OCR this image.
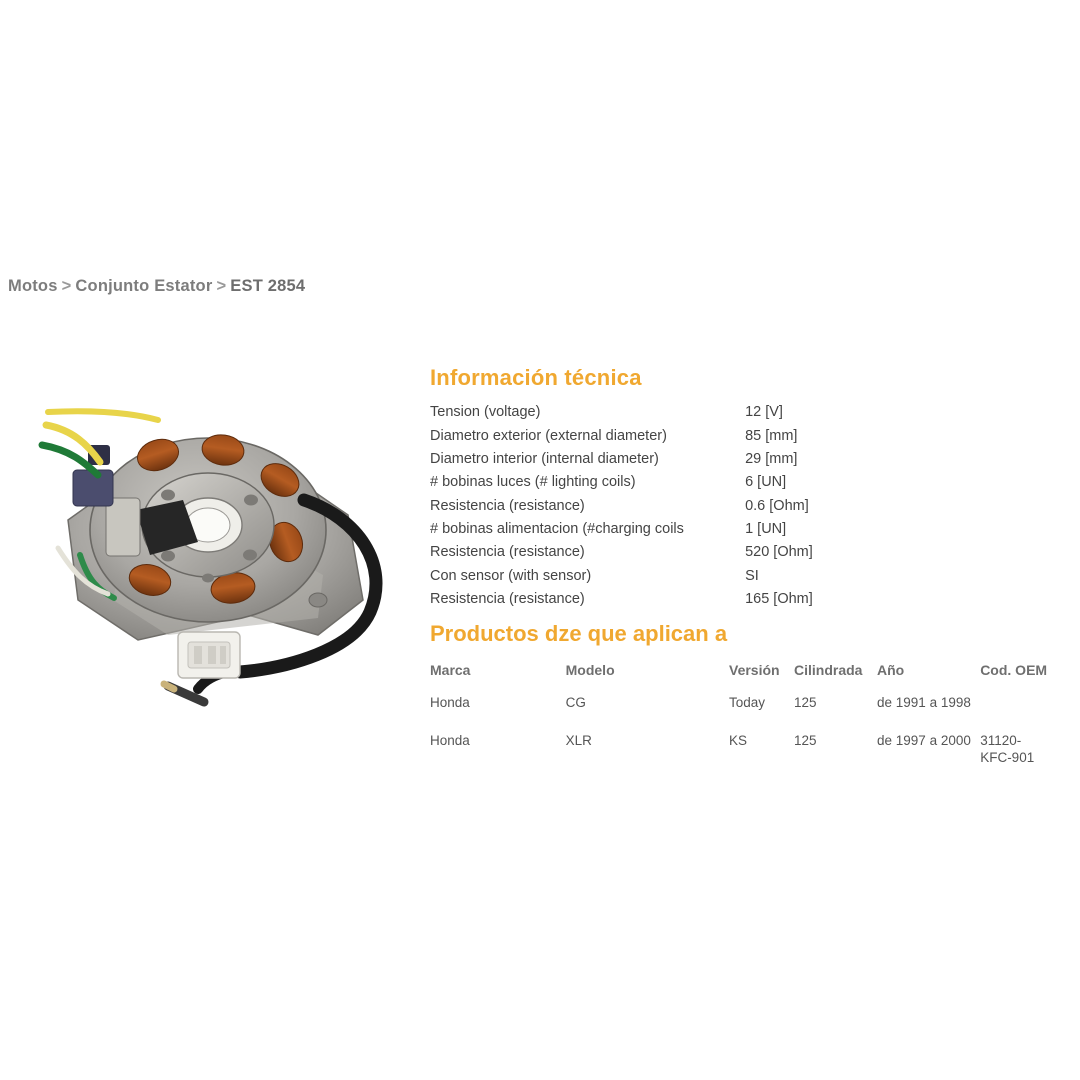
Motos > Conjunto Estator > EST 2854
Información técnica
Tension (voltage)	12 [V]
Diametro exterior (external diameter)	85 [mm]
Diametro interior (internal diameter)	29 [mm]
# bobinas luces (# lighting coils)	6 [UN]
Resistencia (resistance)	0.6 [Ohm]
# bobinas alimentacion (#charging coils	1 [UN]
Resistencia (resistance)	520 [Ohm]
Con sensor (with sensor)	SI
Resistencia (resistance)	165 [Ohm]
Productos dze que aplican a
Marca	Modelo	Versión	Cilindrada	Año	Cod. OEM
Honda	CG	Today	125	de 1991 a 1998	
Honda	XLR	KS	125	de 1997 a 2000	31120-KFC-901
